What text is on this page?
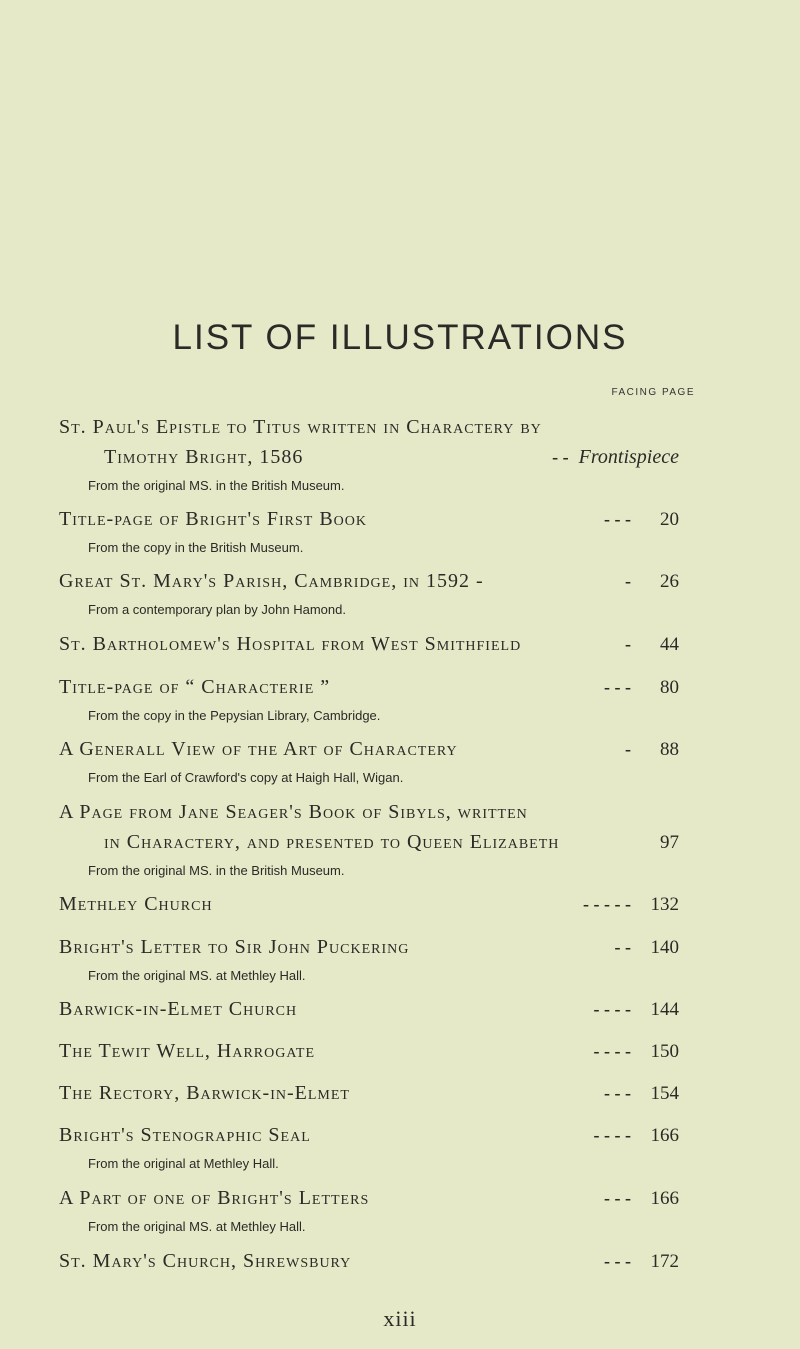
LIST OF ILLUSTRATIONS
FACING PAGE
St. Paul's Epistle to Titus written in Charactery by
Timothy Bright, 1586	- - Frontispiece
From the original MS. in the British Museum.
Title-page of Bright's First Book	- - -	20
From the copy in the British Museum.
Great St. Mary's Parish, Cambridge, in 1592 -	-	26
From a contemporary plan by John Hamond.
St. Bartholomew's Hospital from West Smithfield	-	44
Title-page of “ Characterie ”	- - -	80
From the copy in the Pepysian Library, Cambridge.
A Generall View of the Art of Charactery	-	88
From the Earl of Crawford's copy at Haigh Hall, Wigan.
A Page from Jane Seager's Book of Sibyls, written
in Charactery, and presented to Queen Elizabeth	97
From the original MS. in the British Museum.
Methley Church	- - - - -	132
Bright's Letter to Sir John Puckering	- -	140
From the original MS. at Methley Hall.
Barwick-in-Elmet Church	- - - -	144
The Tewit Well, Harrogate	- - - -	150
The Rectory, Barwick-in-Elmet	- - -	154
Bright's Stenographic Seal	- - - -	166
From the original at Methley Hall.
A Part of one of Bright's Letters	- - -	166
From the original MS. at Methley Hall.
St. Mary's Church, Shrewsbury	- - -	172
xiii
